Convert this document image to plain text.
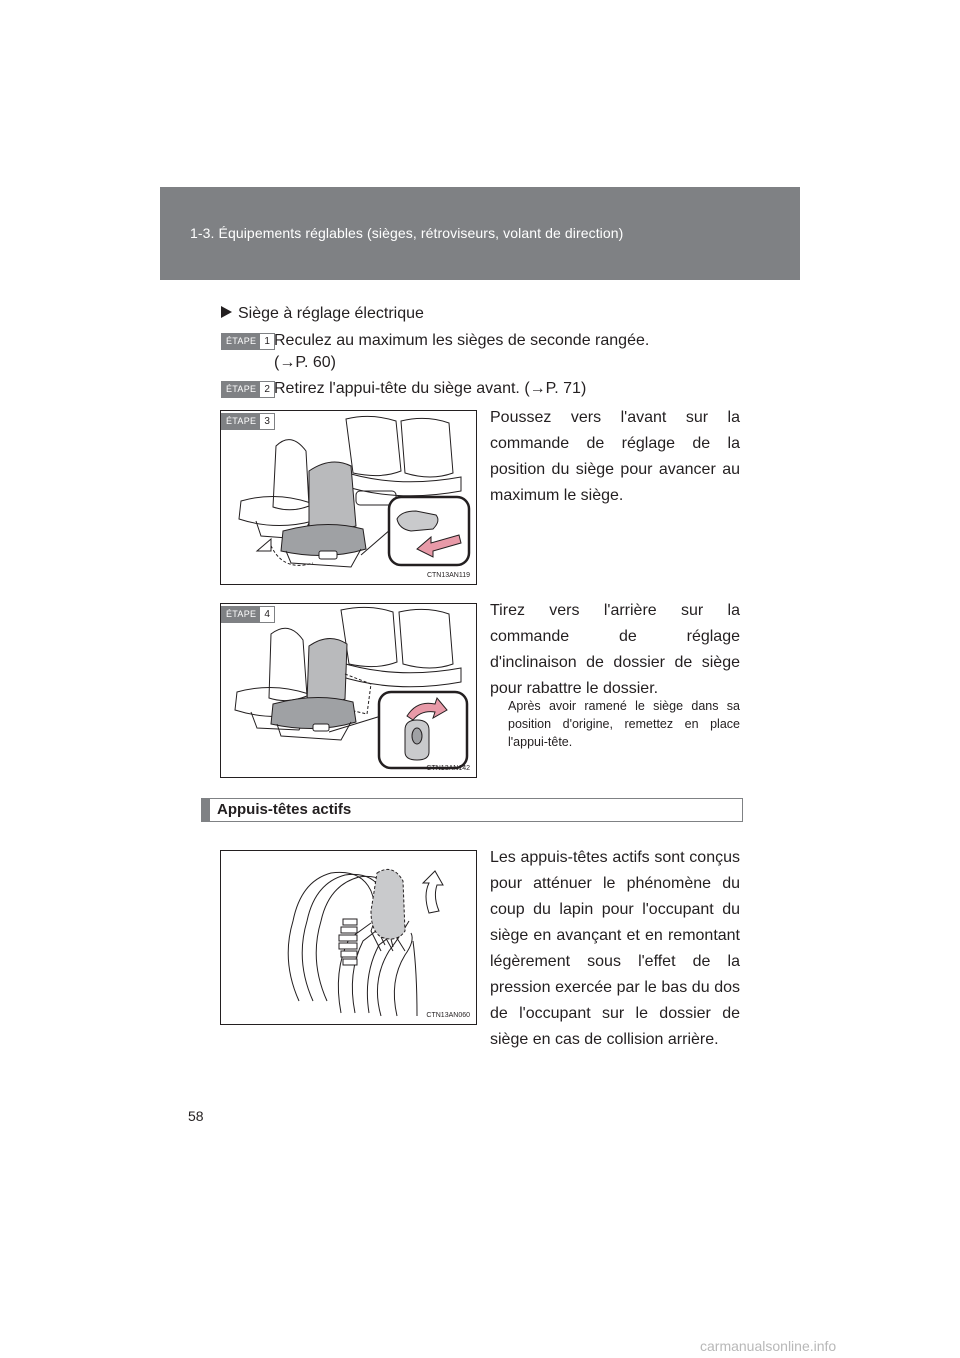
1-3. Équipements réglables (sièges, rétroviseurs, volant de direction)
Siège à réglage électrique
ÉTAPE 1 Reculez au maximum les sièges de seconde rangée.
(→P. 60)
ÉTAPE 2 Retirez l'appui-tête du siège avant. (→P. 71)
CTN13AN119
ÉTAPE 3	Poussez vers l'avant sur la commande de réglage de la position du siège pour avancer au maximum le siège.
CTN13AN142
ÉTAPE 4	Tirez vers l'arrière sur la commande de réglage d'inclinaison de dossier de siège pour rabattre le dossier.
Après avoir ramené le siège dans sa position d'origine, remettez en place l'appui-tête.
Appuis-têtes actifs
CTN13AN060
Les appuis-têtes actifs sont conçus pour atténuer le phénomène du coup du lapin pour l'occupant du siège en avançant et en remontant légèrement sous l'effet de la pression exercée par le bas du dos de l'occupant sur le dossier de siège en cas de collision arrière.
58
carmanualsonline.info
